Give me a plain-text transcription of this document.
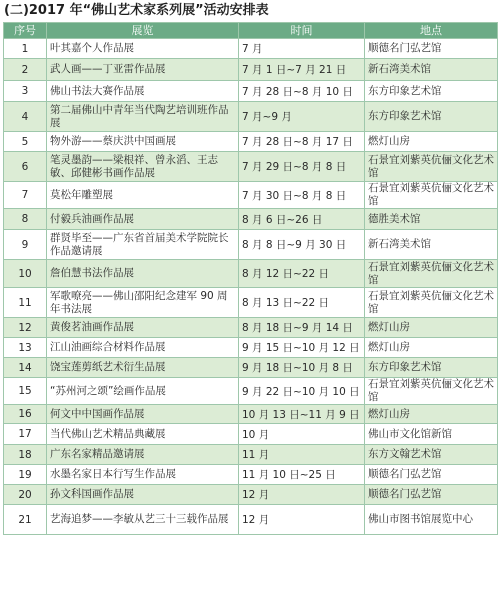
(二)2017 年“佛山艺术家系列展”活动安排表
序号	展览	时间	地点
1	叶其嘉个人作品展	7 月	顺德名门弘艺馆
2	武人画——丁亚雷作品展	7 月 1 日~7 月 21 日	新石湾美术馆
3	佛山书法大赛作品展	7 月 28 日~8 月 10 日	东方印象艺术馆
4	第二届佛山中青年当代陶艺培训班作品展	7 月~9 月	东方印象艺术馆
5	物外游——蔡庆洪中国画展	7 月 28 日~8 月 17 日	燃灯山房
6	笔灵墨韵——梁根祥、曾永滔、王志敏、邱健彬书画作品展	7 月 29 日~8 月 8 日	石景宜刘紫英伉俪文化艺术馆
7	莫松年雕塑展	7 月 30 日~8 月 8 日	石景宜刘紫英伉俪文化艺术馆
8	付毅兵油画作品展	8 月 6 日~26 日	德胜美术馆
9	群贤毕至——广东省首届美术学院院长作品邀请展	8 月 8 日~9 月 30 日	新石湾美术馆
10	詹伯慧书法作品展	8 月 12 日~22 日	石景宜刘紫英伉俪文化艺术馆
11	军歌嘹亮——佛山邵阳纪念建军 90 周年书法展	8 月 13 日~22 日	石景宜刘紫英伉俪文化艺术馆
12	黄俊茗油画作品展	8 月 18 日~9 月 14 日	燃灯山房
13	江山油画综合材料作品展	9 月 15 日~10 月 12 日	燃灯山房
14	饶宝莲剪纸艺术衍生品展	9 月 18 日~10 月 8 日	东方印象艺术馆
15	“苏州河之颂”绘画作品展	9 月 22 日~10 月 10 日	石景宜刘紫英伉俪文化艺术馆
16	何文中中国画作品展	10 月 13 日~11 月 9 日	燃灯山房
17	当代佛山艺术精品典藏展	10 月	佛山市文化馆新馆
18	广东名家精品邀请展	11 月	东方文翰艺术馆
19	水墨名家日本行写生作品展	11 月 10 日~25 日	顺德名门弘艺馆
20	孙文科国画作品展	12 月	顺德名门弘艺馆
21	艺海追梦——李敏从艺三十三载作品展	12 月	佛山市图书馆展览中心
